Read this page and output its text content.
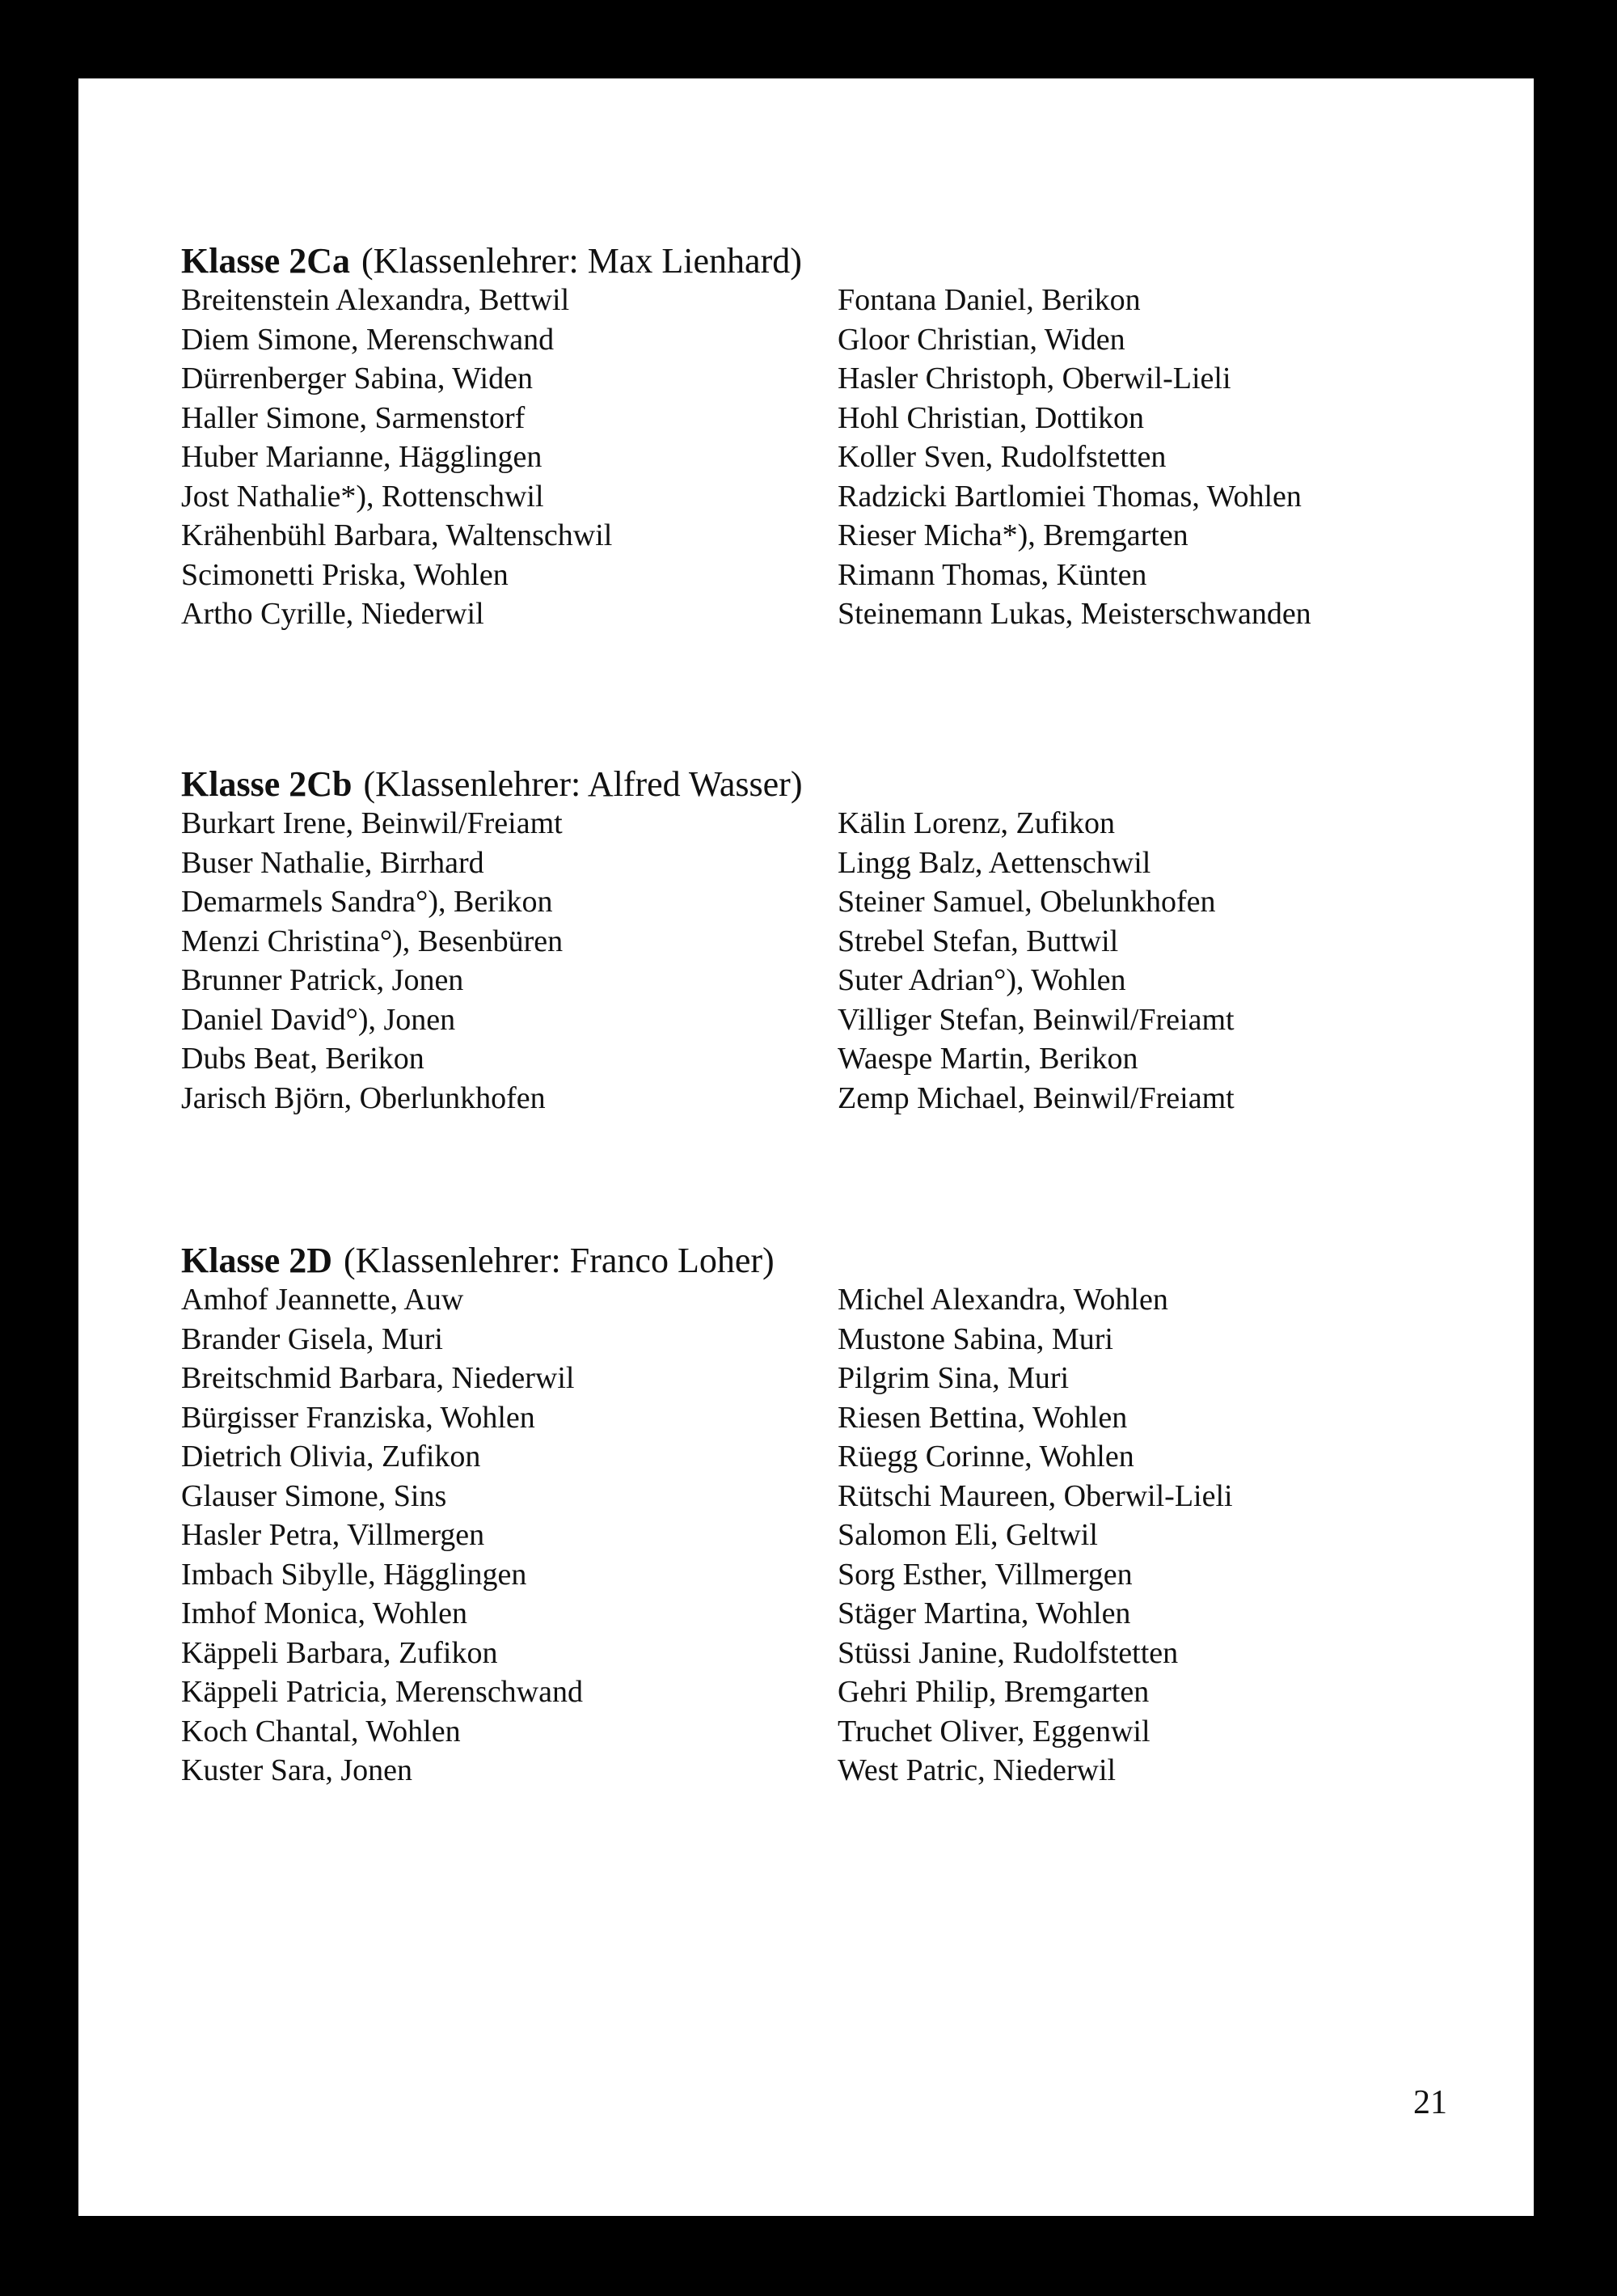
Klasse 2Ca (Klassenlehrer: Max Lienhard)
Breitenstein Alexandra, Bettwil
Diem Simone, Merenschwand
Dürrenberger Sabina, Widen
Haller Simone, Sarmenstorf
Huber Marianne, Hägglingen
Jost Nathalie*), Rottenschwil
Krähenbühl Barbara, Waltenschwil
Scimonetti Priska, Wohlen
Artho Cyrille, Niederwil
Fontana Daniel, Berikon
Gloor Christian, Widen
Hasler Christoph, Oberwil-Lieli
Hohl Christian, Dottikon
Koller Sven, Rudolfstetten
Radzicki Bartlomiei Thomas, Wohlen
Rieser Micha*), Bremgarten
Rimann Thomas, Künten
Steinemann Lukas, Meisterschwanden
Klasse 2Cb (Klassenlehrer: Alfred Wasser)
Burkart Irene, Beinwil/Freiamt
Buser Nathalie, Birrhard
Demarmels Sandra°), Berikon
Menzi Christina°), Besenbüren
Brunner Patrick, Jonen
Daniel David°), Jonen
Dubs Beat, Berikon
Jarisch Björn, Oberlunkhofen
Kälin Lorenz, Zufikon
Lingg Balz, Aettenschwil
Steiner Samuel, Obelunkhofen
Strebel Stefan, Buttwil
Suter Adrian°), Wohlen
Villiger Stefan, Beinwil/Freiamt
Waespe Martin, Berikon
Zemp Michael, Beinwil/Freiamt
Klasse 2D (Klassenlehrer: Franco Loher)
Amhof Jeannette, Auw
Brander Gisela, Muri
Breitschmid Barbara, Niederwil
Bürgisser Franziska, Wohlen
Dietrich Olivia, Zufikon
Glauser Simone, Sins
Hasler Petra, Villmergen
Imbach Sibylle, Hägglingen
Imhof Monica, Wohlen
Käppeli Barbara, Zufikon
Käppeli Patricia, Merenschwand
Koch Chantal, Wohlen
Kuster Sara, Jonen
Michel Alexandra, Wohlen
Mustone Sabina, Muri
Pilgrim Sina, Muri
Riesen Bettina, Wohlen
Rüegg Corinne, Wohlen
Rütschi Maureen, Oberwil-Lieli
Salomon Eli, Geltwil
Sorg Esther, Villmergen
Stäger Martina, Wohlen
Stüssi Janine, Rudolfstetten
Gehri Philip, Bremgarten
Truchet Oliver, Eggenwil
West Patric, Niederwil
21
